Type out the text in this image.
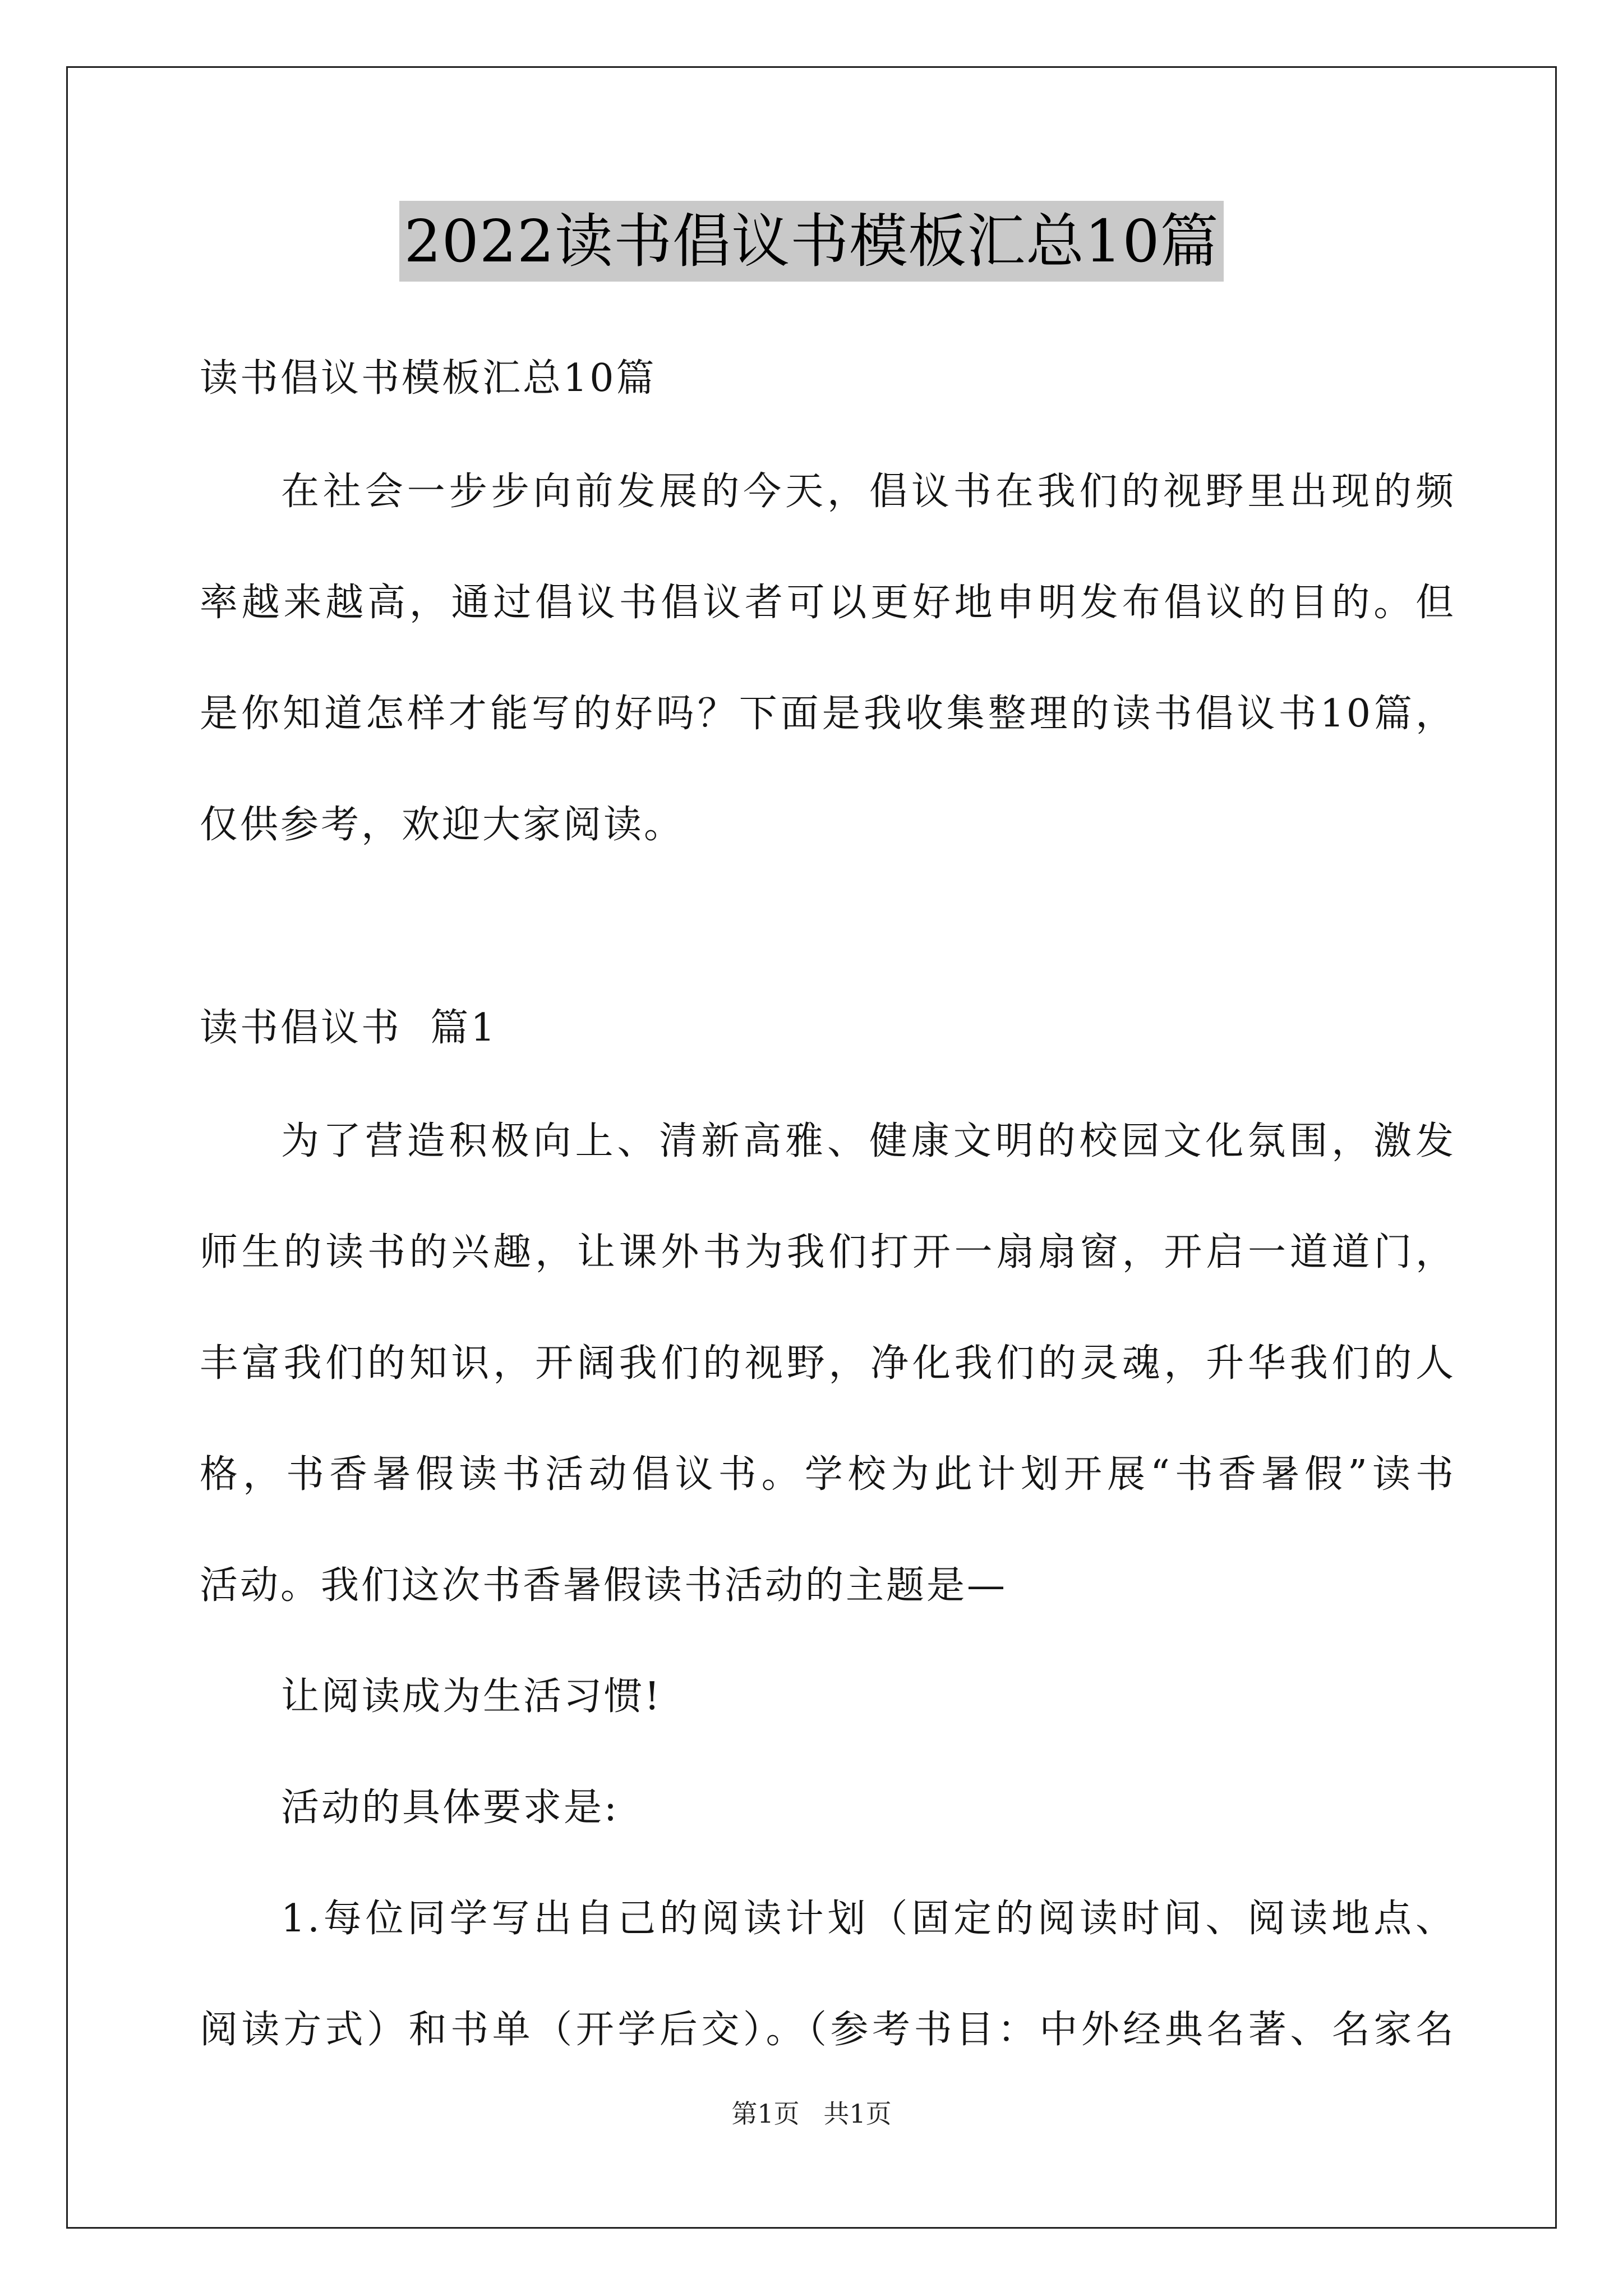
2022读书倡议书模板汇总10篇
读书倡议书模板汇总10篇
在社会一步步向前发展的今天，倡议书在我们的视野里出现的频
率越来越高，通过倡议书倡议者可以更好地申明发布倡议的目的。但
是你知道怎样才能写的好吗？下面是我收集整理的读书倡议书10篇，
仅供参考，欢迎大家阅读。
读书倡议书  篇1
为了营造积极向上、清新高雅、健康文明的校园文化氛围，激发
师生的读书的兴趣，让课外书为我们打开一扇扇窗，开启一道道门，
丰富我们的知识，开阔我们的视野，净化我们的灵魂，升华我们的人
格，书香暑假读书活动倡议书。学校为此计划开展“书香暑假”读书
活动。我们这次书香暑假读书活动的主题是—
让阅读成为生活习惯!
活动的具体要求是:
1.每位同学写出自己的阅读计划（固定的阅读时间、阅读地点、
阅读方式）和书单（开学后交）。（参考书目：中外经典名著、名家名
第1页 共1页
